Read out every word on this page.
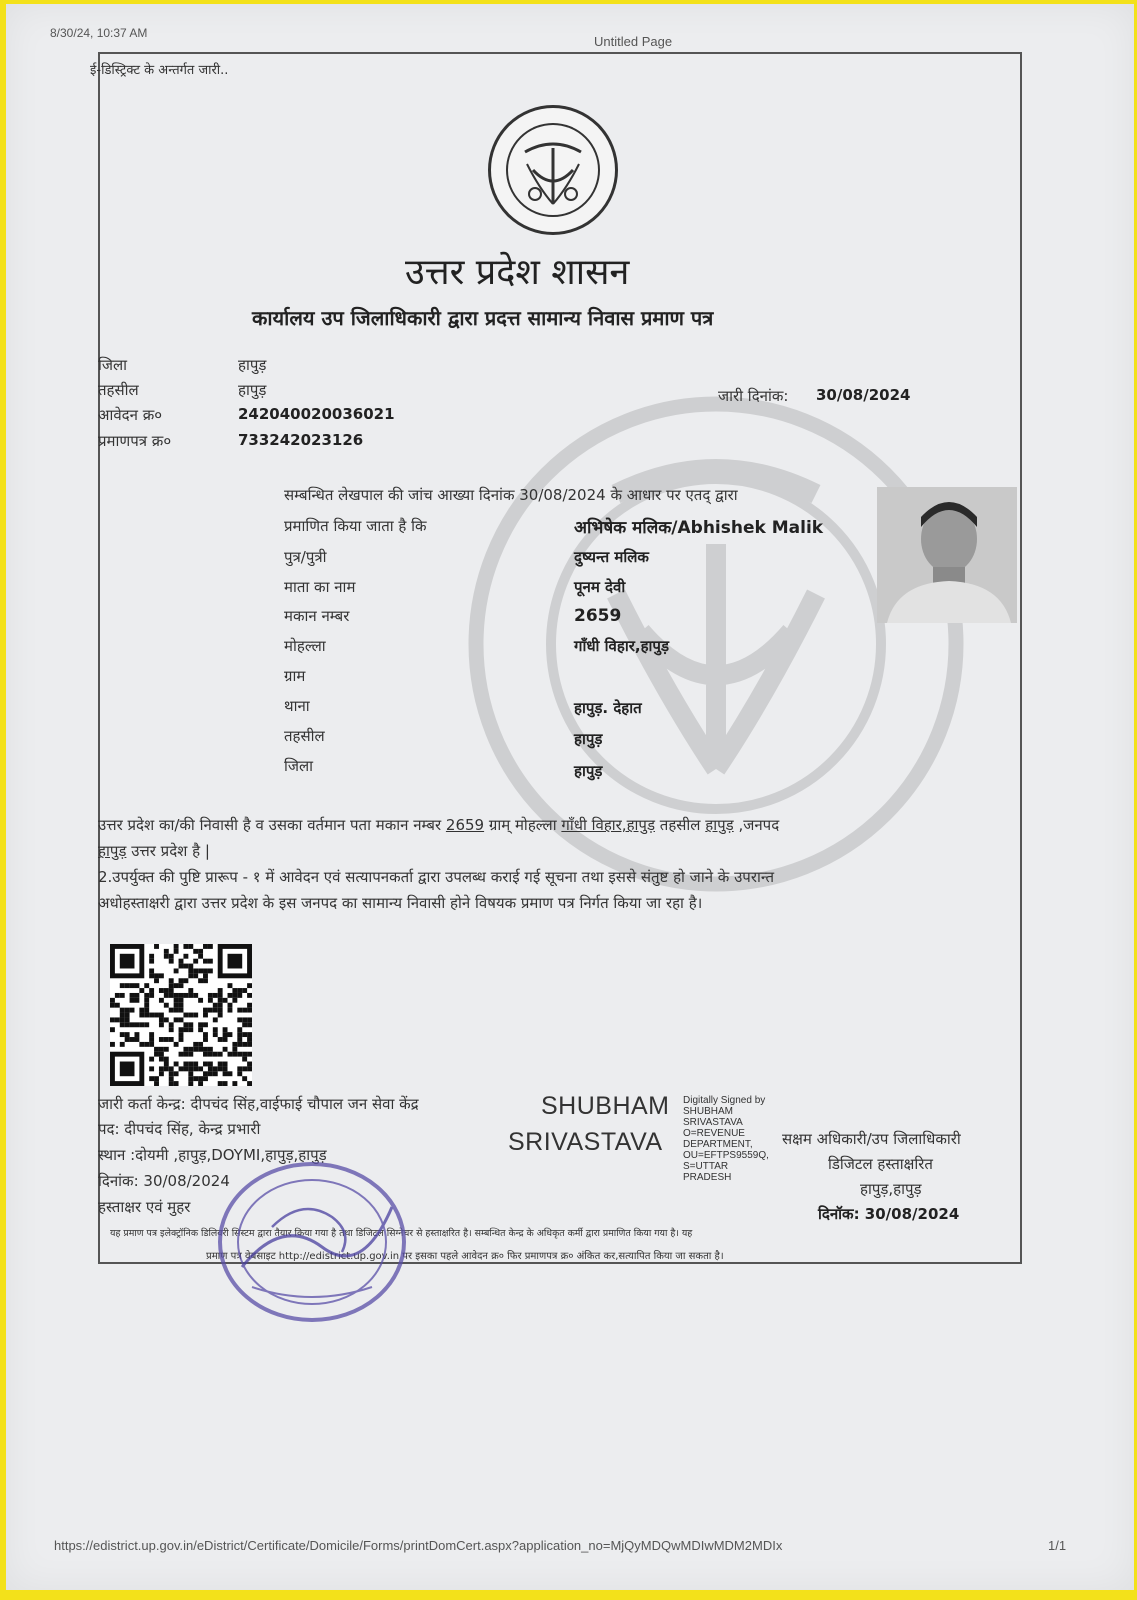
8/30/24, 10:37 AM
Untitled Page
https://edistrict.up.gov.in/eDistrict/Certificate/Domicile/Forms/printDomCert.aspx?application_no=MjQyMDQwMDIwMDM2MDIx	1/1
ई-डिस्ट्रिक्ट के अन्तर्गत जारी..
उत्तर प्रदेश शासन
कार्यालय उप जिलाधिकारी द्वारा प्रदत्त सामान्य निवास प्रमाण पत्र
जिला	हापुड़
तहसील	हापुड़
आवेदन क्र०	242040020036021
प्रमाणपत्र क्र०	733242023126
जारी दिनांक: 30/08/2024
सम्बन्धित लेखपाल की जांच आख्या दिनांक 30/08/2024 के आधार पर एतद् द्वारा
प्रमाणित किया जाता है कि	अभिषेक मलिक/Abhishek Malik
पुत्र/पुत्री	दुष्यन्त मलिक
माता का नाम	पूनम देवी
मकान नम्बर	2659
मोहल्ला	गाँधी विहार,हापुड़
ग्राम
थाना	हापुड़. देहात
तहसील	हापुड़
जिला	हापुड़
उत्तर प्रदेश का/की निवासी है व उसका वर्तमान पता मकान नम्बर 2659 ग्राम् मोहल्ला गाँधी विहार,हापुड़ तहसील हापुड़ ,जनपद
हापुड़ उत्तर प्रदेश है |
2.उपर्युक्त की पुष्टि प्रारूप - १ में आवेदन एवं सत्यापनकर्ता द्वारा उपलब्ध कराई गई सूचना तथा इससे संतुष्ट हो जाने के उपरान्त
अधोहस्ताक्षरी द्वारा उत्तर प्रदेश के इस जनपद का सामान्य निवासी होने विषयक प्रमाण पत्र निर्गत किया जा रहा है।
जारी कर्ता केन्द्र: दीपचंद सिंह,वाईफाई चौपाल जन सेवा केंद्र
पद: दीपचंद सिंह, केन्द्र प्रभारी
स्थान :दोयमी ,हापुड़,DOYMI,हापुड़,हापुड़
दिनांक: 30/08/2024
हस्ताक्षर एवं मुहर
SHUBHAM
SRIVASTAVA
Digitally Signed by
SHUBHAM
SRIVASTAVA
O=REVENUE
DEPARTMENT,
OU=EFTPS9559Q,
S=UTTAR
PRADESH
सक्षम अधिकारी/उप जिलाधिकारी
डिजिटल हस्ताक्षरित
हापुड़,हापुड़
दिनॉक: 30/08/2024
यह प्रमाण पत्र इलेक्ट्रॉनिक डिलिवरी सिस्टम द्वारा तैयार किया गया है तथा डिजिटल सिग्नेचर से हस्ताक्षरित है। सम्बन्धित केन्द्र के अधिकृत कर्मी द्वारा प्रमाणित किया गया है। यह
प्रमाण पत्र वेबसाइट http://edistrict.up.gov.in पर इसका पहले आवेदन क्र० फिर प्रमाणपत्र क्र० अंकित कर,सत्यापित किया जा सकता है।
